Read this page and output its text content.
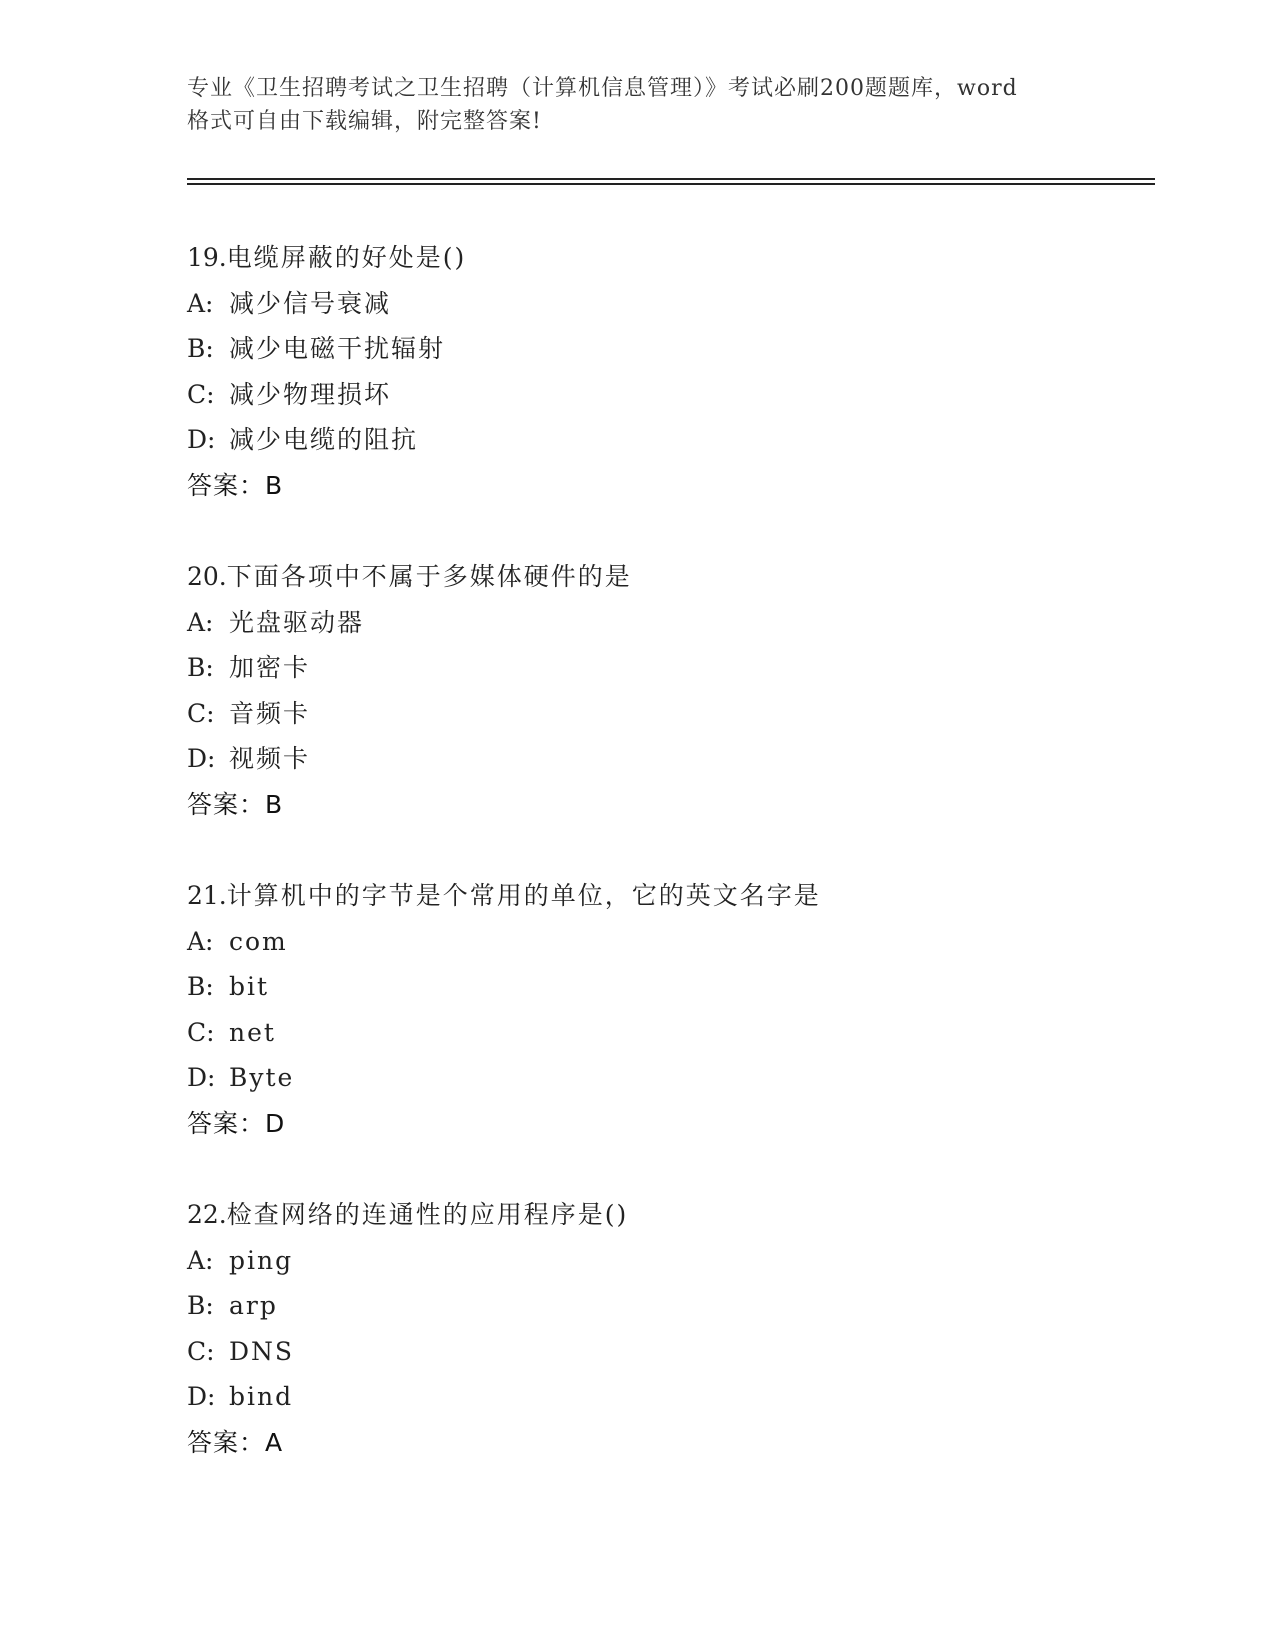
专业《卫生招聘考试之卫生招聘（计算机信息管理）》考试必刷200题题库，word
格式可自由下载编辑，附完整答案!
19.电缆屏蔽的好处是()
A: 减少信号衰减
B: 减少电磁干扰辐射
C: 减少物理损坏
D: 减少电缆的阻抗
答案：B
20.下面各项中不属于多媒体硬件的是
A: 光盘驱动器
B: 加密卡
C: 音频卡
D: 视频卡
答案：B
21.计算机中的字节是个常用的单位，它的英文名字是
A: com
B: bit
C: net
D: Byte
答案：D
22.检查网络的连通性的应用程序是()
A: ping
B: arp
C: DNS
D: bind
答案：A
